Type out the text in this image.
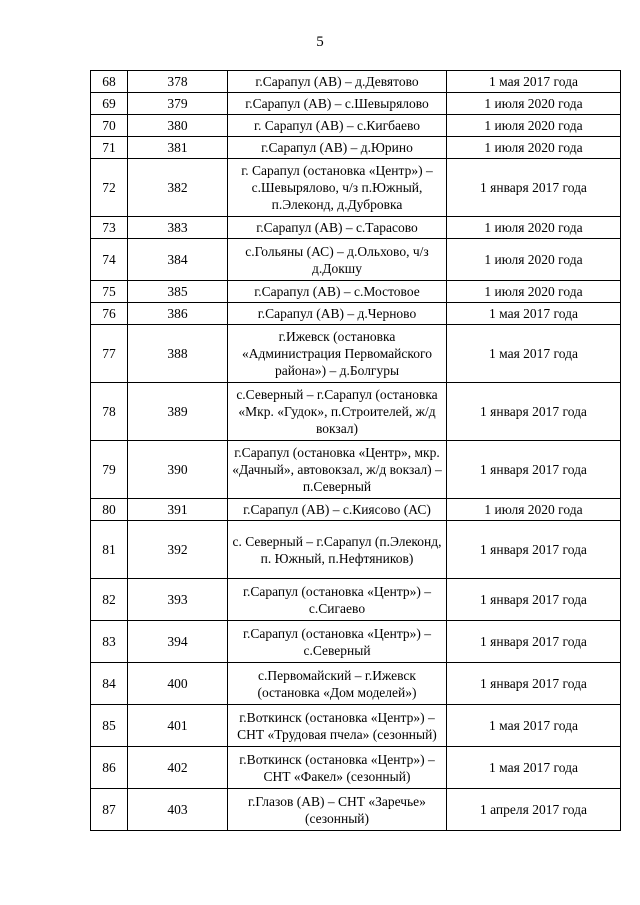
5
68	378	г.Сарапул (АВ) – д.Девятово	1 мая 2017 года
69	379	г.Сарапул (АВ) – с.Шевырялово	1 июля 2020 года
70	380	г. Сарапул (АВ) – с.Кигбаево	1 июля 2020 года
71	381	г.Сарапул (АВ) – д.Юрино	1 июля 2020 года
72	382	г. Сарапул (остановка «Центр») – с.Шевырялово, ч/з п.Южный, п.Элеконд, д.Дубровка	1 января 2017 года
73	383	г.Сарапул (АВ) – с.Тарасово	1 июля 2020 года
74	384	с.Гольяны (АС) – д.Ольхово, ч/з д.Докшу	1 июля 2020 года
75	385	г.Сарапул (АВ) – с.Мостовое	1 июля 2020 года
76	386	г.Сарапул (АВ) – д.Черново	1 мая 2017 года
77	388	г.Ижевск (остановка «Администрация Первомайского района») – д.Болгуры	1 мая 2017 года
78	389	с.Северный – г.Сарапул (остановка «Мкр. «Гудок», п.Строителей, ж/д вокзал)	1 января 2017 года
79	390	г.Сарапул (остановка «Центр», мкр. «Дачный», автовокзал, ж/д вокзал) – п.Северный	1 января 2017 года
80	391	г.Сарапул (АВ) – с.Киясово (АС)	1 июля 2020 года
81	392	с. Северный – г.Сарапул (п.Элеконд, п. Южный, п.Нефтяников)	1 января 2017 года
82	393	г.Сарапул (остановка «Центр») – с.Сигаево	1 января 2017 года
83	394	г.Сарапул (остановка «Центр») – с.Северный	1 января 2017 года
84	400	с.Первомайский – г.Ижевск (остановка «Дом моделей»)	1 января 2017 года
85	401	г.Воткинск (остановка «Центр») – СНТ «Трудовая пчела» (сезонный)	1 мая 2017 года
86	402	г.Воткинск (остановка «Центр») – СНТ «Факел» (сезонный)	1 мая 2017 года
87	403	г.Глазов (АВ) – СНТ «Заречье» (сезонный)	1 апреля 2017 года
